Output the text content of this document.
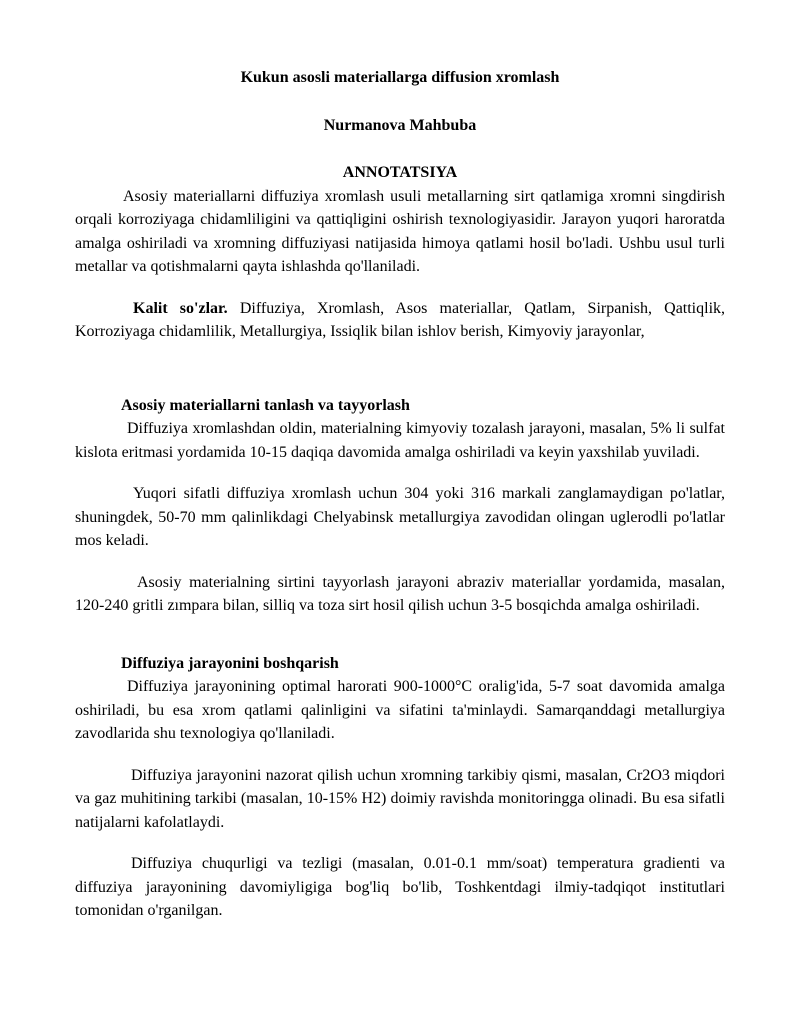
Kukun asosli materiallarga diffusion xromlash
Nurmanova Mahbuba
ANNOTATSIYA

Asosiy materiallarni diffuziya xromlash usuli metallarning sirt qatlamiga xromni singdirish orqali korroziyaga chidamliligini va qattiqligini oshirish texnologiyasidir. Jarayon yuqori haroratda amalga oshiriladi va xromning diffuziyasi natijasida himoya qatlami hosil bo'ladi. Ushbu usul turli metallar va qotishmalarni qayta ishlashda qo'llaniladi.

Kalit so'zlar. Diffuziya, Xromlash, Asos materiallar, Qatlam, Sirpanish, Qattiqlik, Korroziyaga chidamlilik, Metallurgiya, Issiqlik bilan ishlov berish, Kimyoviy jarayonlar,

Asosiy materiallarni tanlash va tayyorlash

Diffuziya xromlashdan oldin, materialning kimyoviy tozalash jarayoni, masalan, 5% li sulfat kislota eritmasi yordamida 10-15 daqiqa davomida amalga oshiriladi va keyin yaxshilab yuviladi.

Yuqori sifatli diffuziya xromlash uchun 304 yoki 316 markali zanglamaydigan po'latlar, shuningdek, 50-70 mm qalinlikdagi Chelyabinsk metallurgiya zavodidan olingan uglerodli po'latlar mos keladi.

Asosiy materialning sirtini tayyorlash jarayoni abraziv materiallar yordamida, masalan, 120-240 gritli zımpara bilan, silliq va toza sirt hosil qilish uchun 3-5 bosqichda amalga oshiriladi.

Diffuziya jarayonini boshqarish

Diffuziya jarayonining optimal harorati 900-1000°C oralig'ida, 5-7 soat davomida amalga oshiriladi, bu esa xrom qatlami qalinligini va sifatini ta'minlaydi. Samarqanddagi metallurgiya zavodlarida shu texnologiya qo'llaniladi.

Diffuziya jarayonini nazorat qilish uchun xromning tarkibiy qismi, masalan, Cr2O3 miqdori va gaz muhitining tarkibi (masalan, 10-15% H2) doimiy ravishda monitoringga olinadi. Bu esa sifatli natijalarni kafolatlaydi.

Diffuziya chuqurligi va tezligi (masalan, 0.01-0.1 mm/soat) temperatura gradienti va diffuziya jarayonining davomiyligiga bog'liq bo'lib, Toshkentdagi ilmiy-tadqiqot institutlari tomonidan o'rganilgan.
